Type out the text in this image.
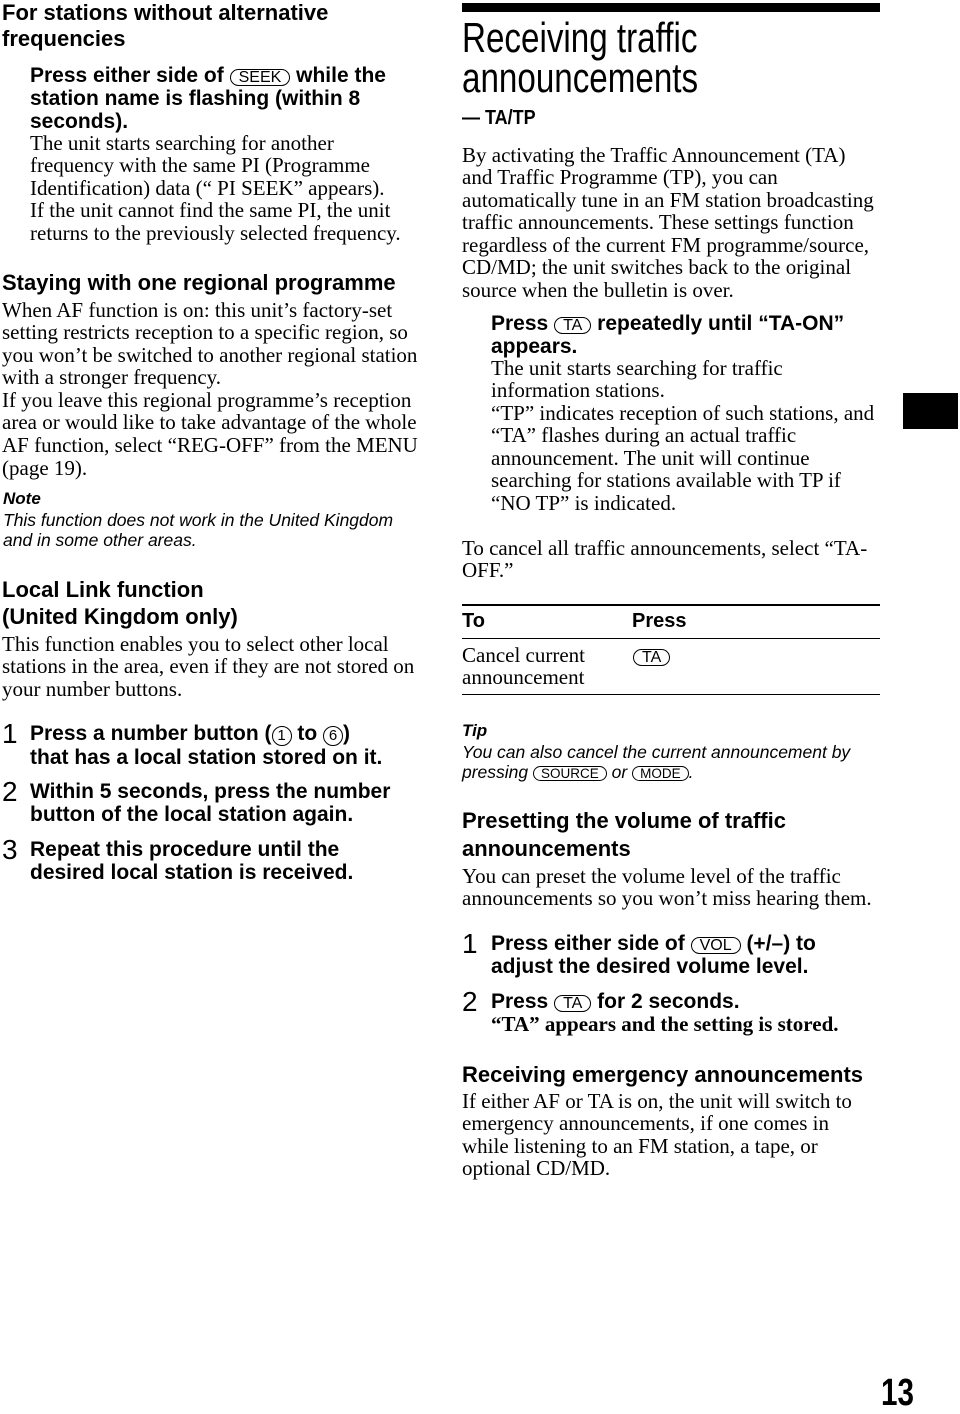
For stations without alternative
frequencies
Press either side of SEEK while the
station name is flashing (within 8
seconds).
The unit starts searching for another
frequency with the same PI (Programme
Identification) data (“ PI SEEK” appears).
If the unit cannot find the same PI, the unit
returns to the previously selected frequency.
Staying with one regional programme
When AF function is on: this unit’s factory-set
setting restricts reception to a specific region, so
you won’t be switched to another regional station
with a stronger frequency.
If you leave this regional programme’s reception
area or would like to take advantage of the whole
AF function, select “REG-OFF” from the MENU
(page 19).
Note
This function does not work in the United Kingdom
and in some other areas.
Local Link function
(United Kingdom only)
This function enables you to select other local
stations in the area, even if they are not stored on
your number buttons.
1 Press a number button ( 1 to 6 )
that has a local station stored on it.
2 Within 5 seconds, press the number
button of the local station again.
3 Repeat this procedure until the
desired local station is received.
Receiving traffic
announcements
— TA/TP
By activating the Traffic Announcement (TA)
and Traffic Programme (TP), you can
automatically tune in an FM station broadcasting
traffic announcements. These settings function
regardless of the current FM programme/source,
CD/MD; the unit switches back to the original
source when the bulletin is over.
Press TA repeatedly until “TA-ON”
appears.
The unit starts searching for traffic
information stations.
“TP” indicates reception of such stations, and
“TA” flashes during an actual traffic
announcement. The unit will continue
searching for stations available with TP if
“NO TP” is indicated.
To cancel all traffic announcements, select “TA-
OFF.”
To	Press
Cancel current
announcement
TA
Tip
You can also cancel the current announcement by
pressing SOURCE or MODE .
Presetting the volume of traffic
announcements
You can preset the volume level of the traffic
announcements so you won’t miss hearing them.
1 Press either side of VOL (+/–) to
adjust the desired volume level.
2 Press TA for 2 seconds.
“TA” appears and the setting is stored.
Receiving emergency announcements
If either AF or TA is on, the unit will switch to
emergency announcements, if one comes in
while listening to an FM station, a tape, or
optional CD/MD.
13
